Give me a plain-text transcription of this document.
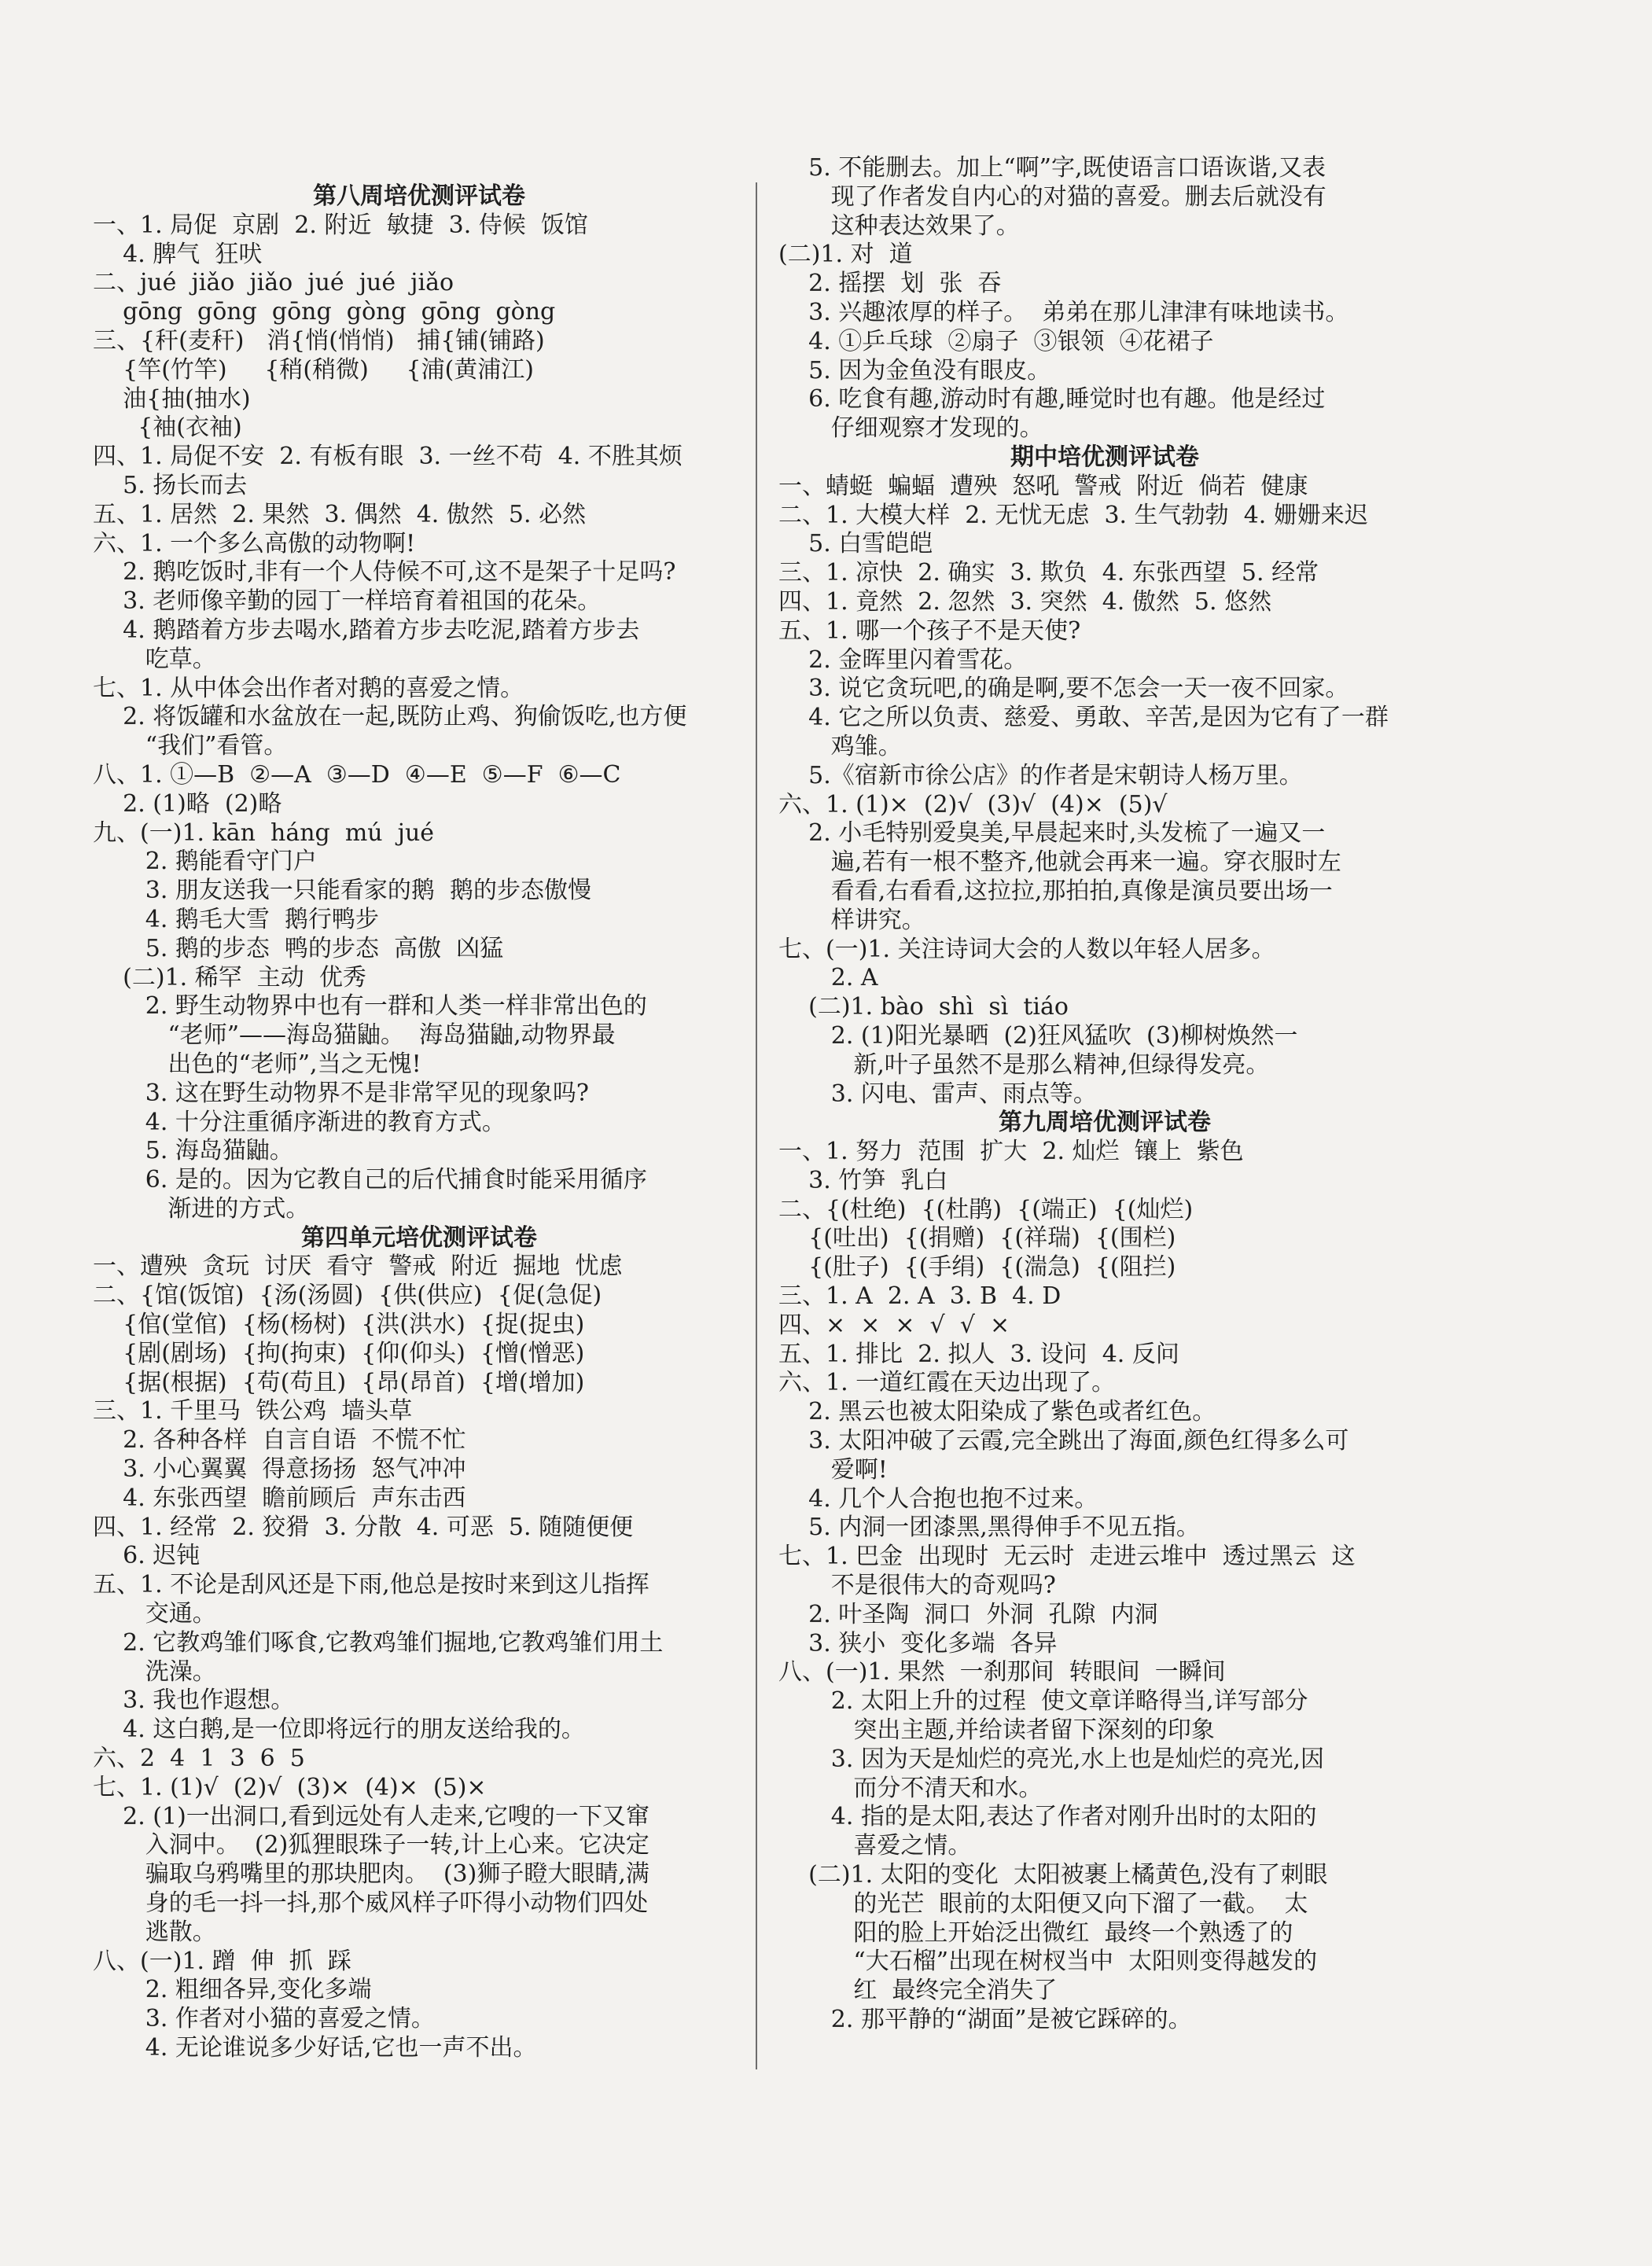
第八周培优测评试卷
一、1. 局促  京剧  2. 附近  敏捷  3. 侍候  饭馆
4. 脾气  狂吠
二、jué  jiǎo  jiǎo  jué  jué  jiǎo
gōng  gōng  gōng  gòng  gōng  gòng
三、{秆(麦秆)   消{悄(悄悄)   捕{铺(铺路)
{竿(竹竿)     {稍(稍微)     {浦(黄浦江)
油{抽(抽水)
{袖(衣袖)
四、1. 局促不安  2. 有板有眼  3. 一丝不苟  4. 不胜其烦
5. 扬长而去
五、1. 居然  2. 果然  3. 偶然  4. 傲然  5. 必然
六、1. 一个多么高傲的动物啊!
2. 鹅吃饭时,非有一个人侍候不可,这不是架子十足吗?
3. 老师像辛勤的园丁一样培育着祖国的花朵。
4. 鹅踏着方步去喝水,踏着方步去吃泥,踏着方步去
吃草。
七、1. 从中体会出作者对鹅的喜爱之情。
2. 将饭罐和水盆放在一起,既防止鸡、狗偷饭吃,也方便
“我们”看管。
八、1. ①—B  ②—A  ③—D  ④—E  ⑤—F  ⑥—C
2. (1)略  (2)略
九、(一)1. kān  háng  mú  jué
2. 鹅能看守门户
3. 朋友送我一只能看家的鹅  鹅的步态傲慢
4. 鹅毛大雪  鹅行鸭步
5. 鹅的步态  鸭的步态  高傲  凶猛
(二)1. 稀罕  主动  优秀
2. 野生动物界中也有一群和人类一样非常出色的
“老师”——海岛猫鼬。  海岛猫鼬,动物界最
出色的“老师”,当之无愧!
3. 这在野生动物界不是非常罕见的现象吗?
4. 十分注重循序渐进的教育方式。
5. 海岛猫鼬。
6. 是的。因为它教自己的后代捕食时能采用循序
渐进的方式。
第四单元培优测评试卷
一、遭殃  贪玩  讨厌  看守  警戒  附近  掘地  忧虑
二、{馆(饭馆)  {汤(汤圆)  {供(供应)  {促(急促)
{倌(堂倌)  {杨(杨树)  {洪(洪水)  {捉(捉虫)
{剧(剧场)  {拘(拘束)  {仰(仰头)  {憎(憎恶)
{据(根据)  {苟(苟且)  {昂(昂首)  {增(增加)
三、1. 千里马  铁公鸡  墙头草
2. 各种各样  自言自语  不慌不忙
3. 小心翼翼  得意扬扬  怒气冲冲
4. 东张西望  瞻前顾后  声东击西
四、1. 经常  2. 狡猾  3. 分散  4. 可恶  5. 随随便便
6. 迟钝
五、1. 不论是刮风还是下雨,他总是按时来到这儿指挥
交通。
2. 它教鸡雏们啄食,它教鸡雏们掘地,它教鸡雏们用土
洗澡。
3. 我也作遐想。
4. 这白鹅,是一位即将远行的朋友送给我的。
六、2  4  1  3  6  5
七、1. (1)√  (2)√  (3)×  (4)×  (5)×
2. (1)一出洞口,看到远处有人走来,它嗖的一下又窜
入洞中。  (2)狐狸眼珠子一转,计上心来。它决定
骗取乌鸦嘴里的那块肥肉。  (3)狮子瞪大眼睛,满
身的毛一抖一抖,那个威风样子吓得小动物们四处
逃散。
八、(一)1. 蹭  伸  抓  踩
2. 粗细各异,变化多端
3. 作者对小猫的喜爱之情。
4. 无论谁说多少好话,它也一声不出。
5. 不能删去。加上“啊”字,既使语言口语诙谐,又表
现了作者发自内心的对猫的喜爱。删去后就没有
这种表达效果了。
(二)1. 对  道
2. 摇摆  划  张  吞
3. 兴趣浓厚的样子。  弟弟在那儿津津有味地读书。
4. ①乒乓球  ②扇子  ③银领  ④花裙子
5. 因为金鱼没有眼皮。
6. 吃食有趣,游动时有趣,睡觉时也有趣。他是经过
仔细观察才发现的。
期中培优测评试卷
一、蜻蜓  蝙蝠  遭殃  怒吼  警戒  附近  倘若  健康
二、1. 大模大样  2. 无忧无虑  3. 生气勃勃  4. 姗姗来迟
5. 白雪皑皑
三、1. 凉快  2. 确实  3. 欺负  4. 东张西望  5. 经常
四、1. 竟然  2. 忽然  3. 突然  4. 傲然  5. 悠然
五、1. 哪一个孩子不是天使?
2. 金晖里闪着雪花。
3. 说它贪玩吧,的确是啊,要不怎会一天一夜不回家。
4. 它之所以负责、慈爱、勇敢、辛苦,是因为它有了一群
鸡雏。
5.《宿新市徐公店》的作者是宋朝诗人杨万里。
六、1. (1)×  (2)√  (3)√  (4)×  (5)√
2. 小毛特别爱臭美,早晨起来时,头发梳了一遍又一
遍,若有一根不整齐,他就会再来一遍。穿衣服时左
看看,右看看,这拉拉,那拍拍,真像是演员要出场一
样讲究。
七、(一)1. 关注诗词大会的人数以年轻人居多。
2. A
(二)1. bào  shì  sì  tiáo
2. (1)阳光暴晒  (2)狂风猛吹  (3)柳树焕然一
新,叶子虽然不是那么精神,但绿得发亮。
3. 闪电、雷声、雨点等。
第九周培优测评试卷
一、1. 努力  范围  扩大  2. 灿烂  镶上  紫色
3. 竹笋  乳白
二、{(杜绝)  {(杜鹃)  {(端正)  {(灿烂)
{(吐出)  {(捐赠)  {(祥瑞)  {(围栏)
{(肚子)  {(手绢)  {(湍急)  {(阻拦)
三、1. A  2. A  3. B  4. D
四、×  ×  ×  √  √  ×
五、1. 排比  2. 拟人  3. 设问  4. 反问
六、1. 一道红霞在天边出现了。
2. 黑云也被太阳染成了紫色或者红色。
3. 太阳冲破了云霞,完全跳出了海面,颜色红得多么可
爱啊!
4. 几个人合抱也抱不过来。
5. 内洞一团漆黑,黑得伸手不见五指。
七、1. 巴金  出现时  无云时  走进云堆中  透过黑云  这
不是很伟大的奇观吗?
2. 叶圣陶  洞口  外洞  孔隙  内洞
3. 狭小  变化多端  各异
八、(一)1. 果然  一刹那间  转眼间  一瞬间
2. 太阳上升的过程  使文章详略得当,详写部分
突出主题,并给读者留下深刻的印象
3. 因为天是灿烂的亮光,水上也是灿烂的亮光,因
而分不清天和水。
4. 指的是太阳,表达了作者对刚升出时的太阳的
喜爱之情。
(二)1. 太阳的变化  太阳被裹上橘黄色,没有了刺眼
的光芒  眼前的太阳便又向下溜了一截。  太
阳的脸上开始泛出微红  最终一个熟透了的
“大石榴”出现在树杈当中  太阳则变得越发的
红  最终完全消失了
2. 那平静的“湖面”是被它踩碎的。
